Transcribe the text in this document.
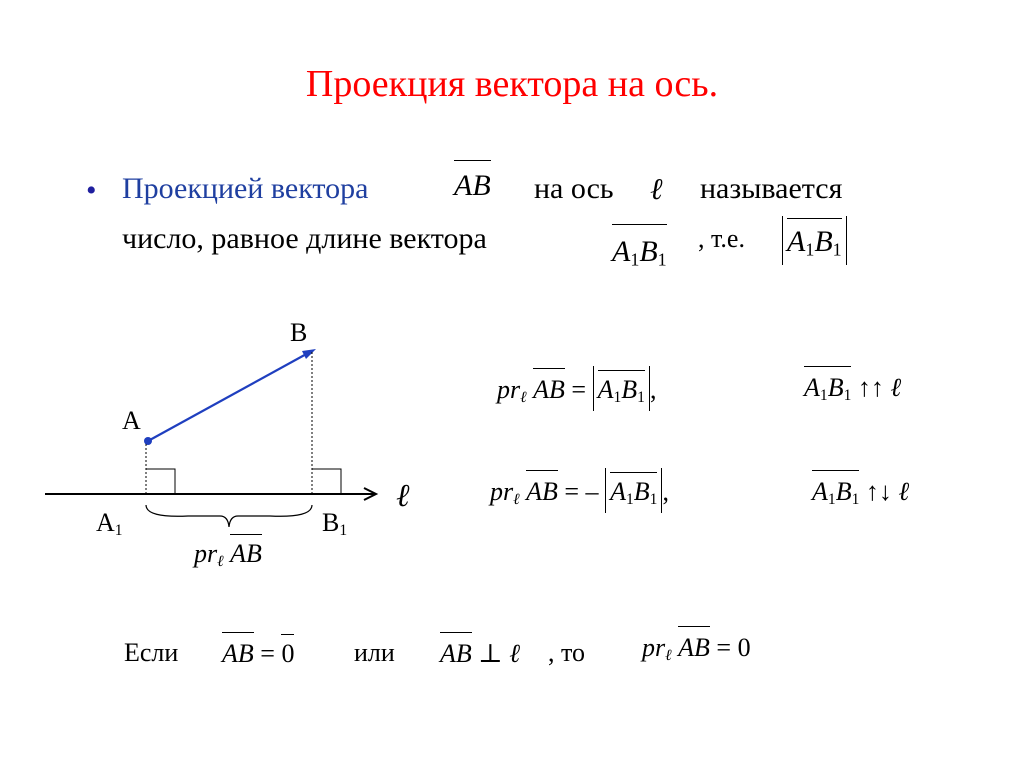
Проекция вектора на ось.
• Проекцией вектора	AB на ось ℓ называется
число, равное длине вектора	$A_1B_1$
, т.е. $A_1B_1$
B
A
$A_1$	$B_1$
ℓ
$pr_\ell$ AB
$pr_\ell$ AB = $A_1B_1$ ,	$A_1B_1$ ↑↑ ℓ
$pr_\ell$ AB = – $A_1B_1$ ,	$A_1B_1$ ↑↓ ℓ
Если AB = 0 или AB ⊥ ℓ , то $pr_\ell$ AB = 0
